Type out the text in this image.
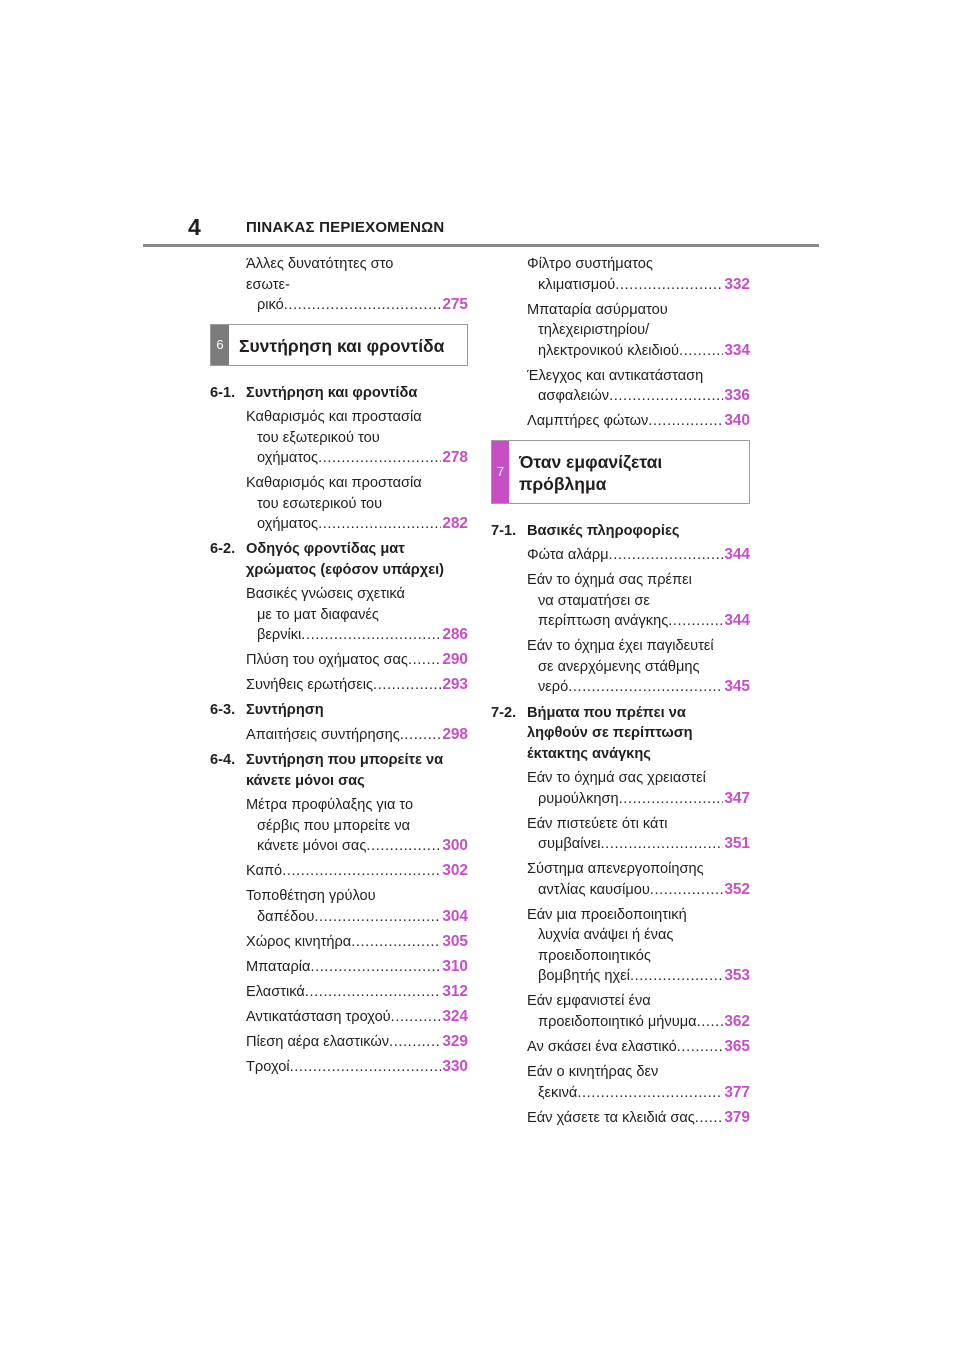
4	ΠΙΝΑΚΑΣ ΠΕΡΙΕΧΟΜΕΝΩΝ
Άλλες δυνατότητες στο εσωτε-
ρικό .....	275
6 Συντήρηση και φροντίδα
6-1. Συντήρηση και φροντίδα
Καθαρισμός και προστασία
του εξωτερικού του
οχήματος .....	278
Καθαρισμός και προστασία
του εσωτερικού του
οχήματος .....	282
6-2. Οδηγός φροντίδας ματ χρώματος (εφόσον υπάρχει)
Βασικές γνώσεις σχετικά
με το ματ διαφανές
βερνίκι .....	286
Πλύση του οχήματος σας ..... 290
Συνήθεις ερωτήσεις .....	293
6-3. Συντήρηση
Απαιτήσεις συντήρησης .....	298
6-4. Συντήρηση που μπορείτε να κάνετε μόνοι σας
Μέτρα προφύλαξης για το
σέρβις που μπορείτε να
κάνετε μόνοι σας .....	300
Καπό .....	302
Τοποθέτηση γρύλου
δαπέδου .....	304
Χώρος κινητήρα .....	305
Μπαταρία .....	310
Ελαστικά .....	312
Αντικατάσταση τροχού .....	324
Πίεση αέρα ελαστικών .....	329
Τροχοί .....	330
Φίλτρο συστήματος
κλιματισμού .....	332
Μπαταρία ασύρματου
τηλεχειριστηρίου/
ηλεκτρονικού κλειδιού .....	334
Έλεγχος και αντικατάσταση
ασφαλειών .....	336
Λαμπτήρες φώτων .....	340
7 Όταν εμφανίζεται πρόβλημα
7-1. Βασικές πληροφορίες
Φώτα αλάρμ .....	344
Εάν το όχημά σας πρέπει
να σταματήσει σε
περίπτωση ανάγκης .....	344
Εάν το όχημα έχει παγιδευτεί
σε ανερχόμενης στάθμης
νερό .....	345
7-2. Βήματα που πρέπει να ληφθούν σε περίπτωση έκτακτης ανάγκης
Εάν το όχημά σας χρειαστεί
ρυμούλκηση .....	347
Εάν πιστεύετε ότι κάτι
συμβαίνει .....	351
Σύστημα απενεργοποίησης
αντλίας καυσίμου .....	352
Εάν μια προειδοποιητική
λυχνία ανάψει ή ένας
προειδοποιητικός
βομβητής ηχεί .....	353
Εάν εμφανιστεί ένα
προειδοποιητικό μήνυμα ..... 362
Αν σκάσει ένα ελαστικό .....	365
Εάν ο κινητήρας δεν
ξεκινά .....	377
Εάν χάσετε τα κλειδιά σας ..... 379
